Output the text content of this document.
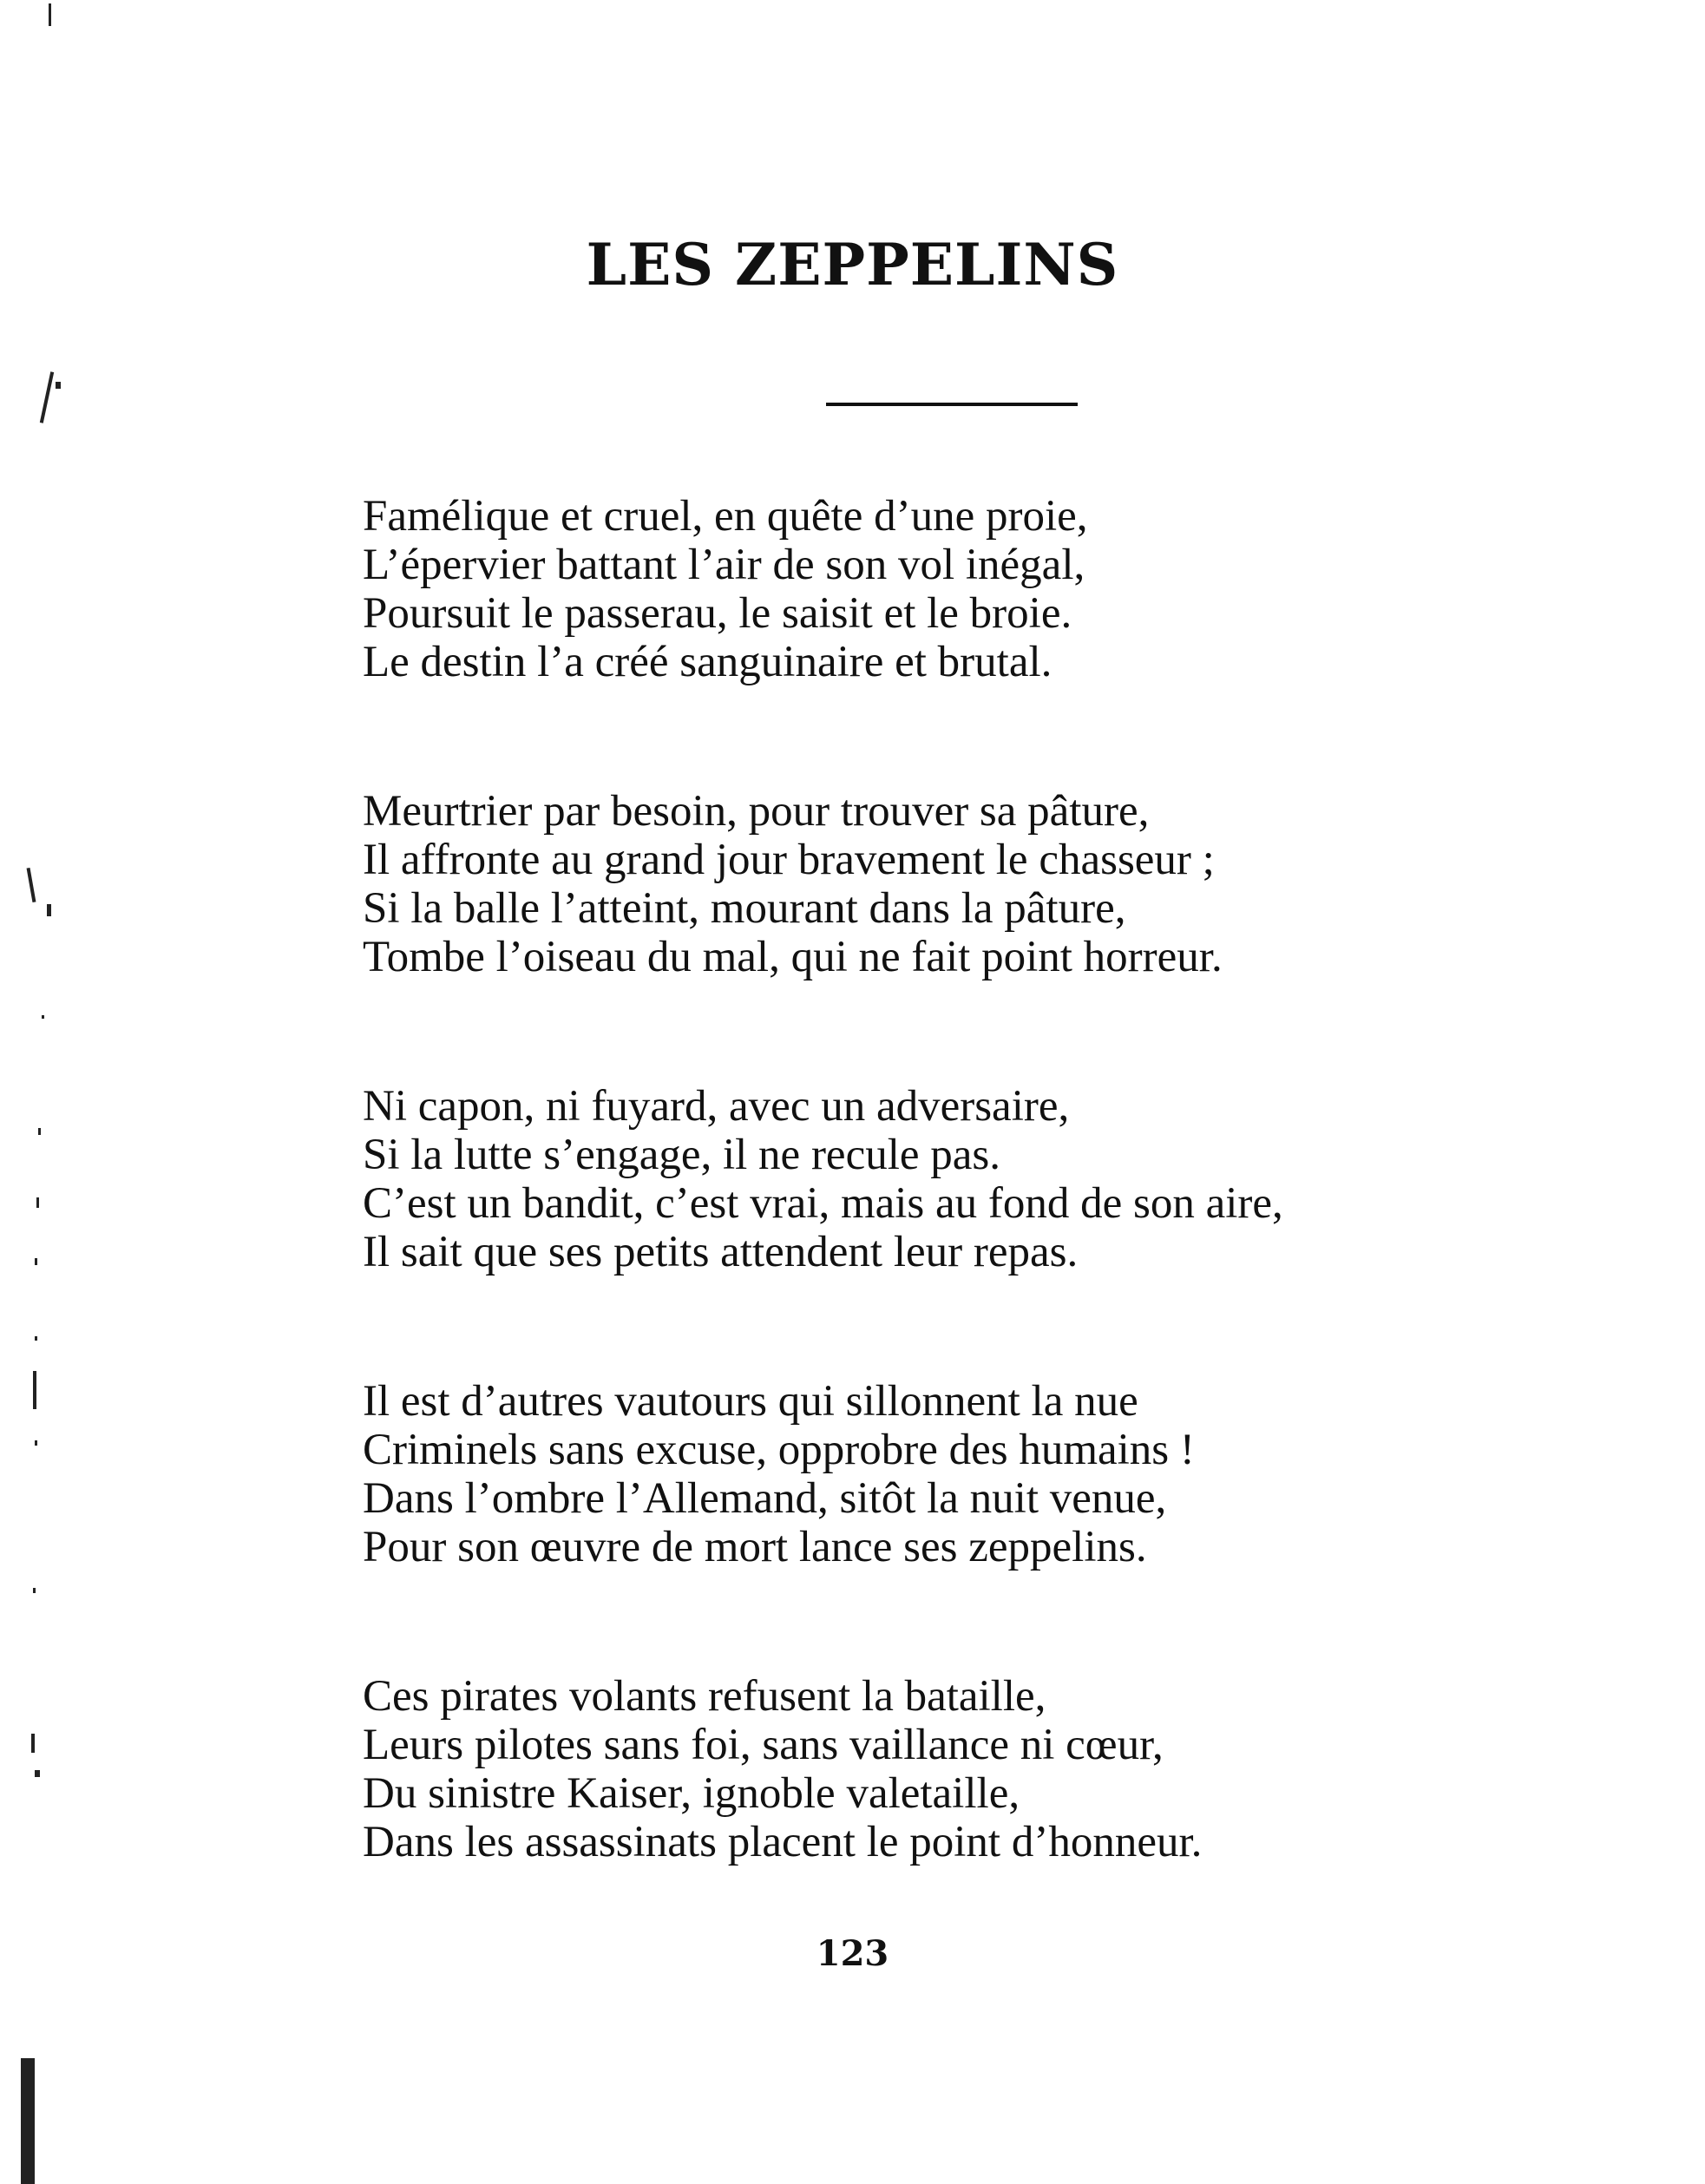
LES ZEPPELINS
Famélique et cruel, en quête d’une proie,
L’épervier battant l’air de son vol inégal,
Poursuit le passerau, le saisit et le broie.
Le destin l’a créé sanguinaire et brutal.
Meurtrier par besoin, pour trouver sa pâture,
Il affronte au grand jour bravement le chasseur ;
Si la balle l’atteint, mourant dans la pâture,
Tombe l’oiseau du mal, qui ne fait point horreur.
Ni capon, ni fuyard, avec un adversaire,
Si la lutte s’engage, il ne recule pas.
C’est un bandit, c’est vrai, mais au fond de son aire,
Il sait que ses petits attendent leur repas.
Il est d’autres vautours qui sillonnent la nue
Criminels sans excuse, opprobre des humains !
Dans l’ombre l’Allemand, sitôt la nuit venue,
Pour son œuvre de mort lance ses zeppelins.
Ces pirates volants refusent la bataille,
Leurs pilotes sans foi, sans vaillance ni cœur,
Du sinistre Kaiser, ignoble valetaille,
Dans les assassinats placent le point d’honneur.
123
